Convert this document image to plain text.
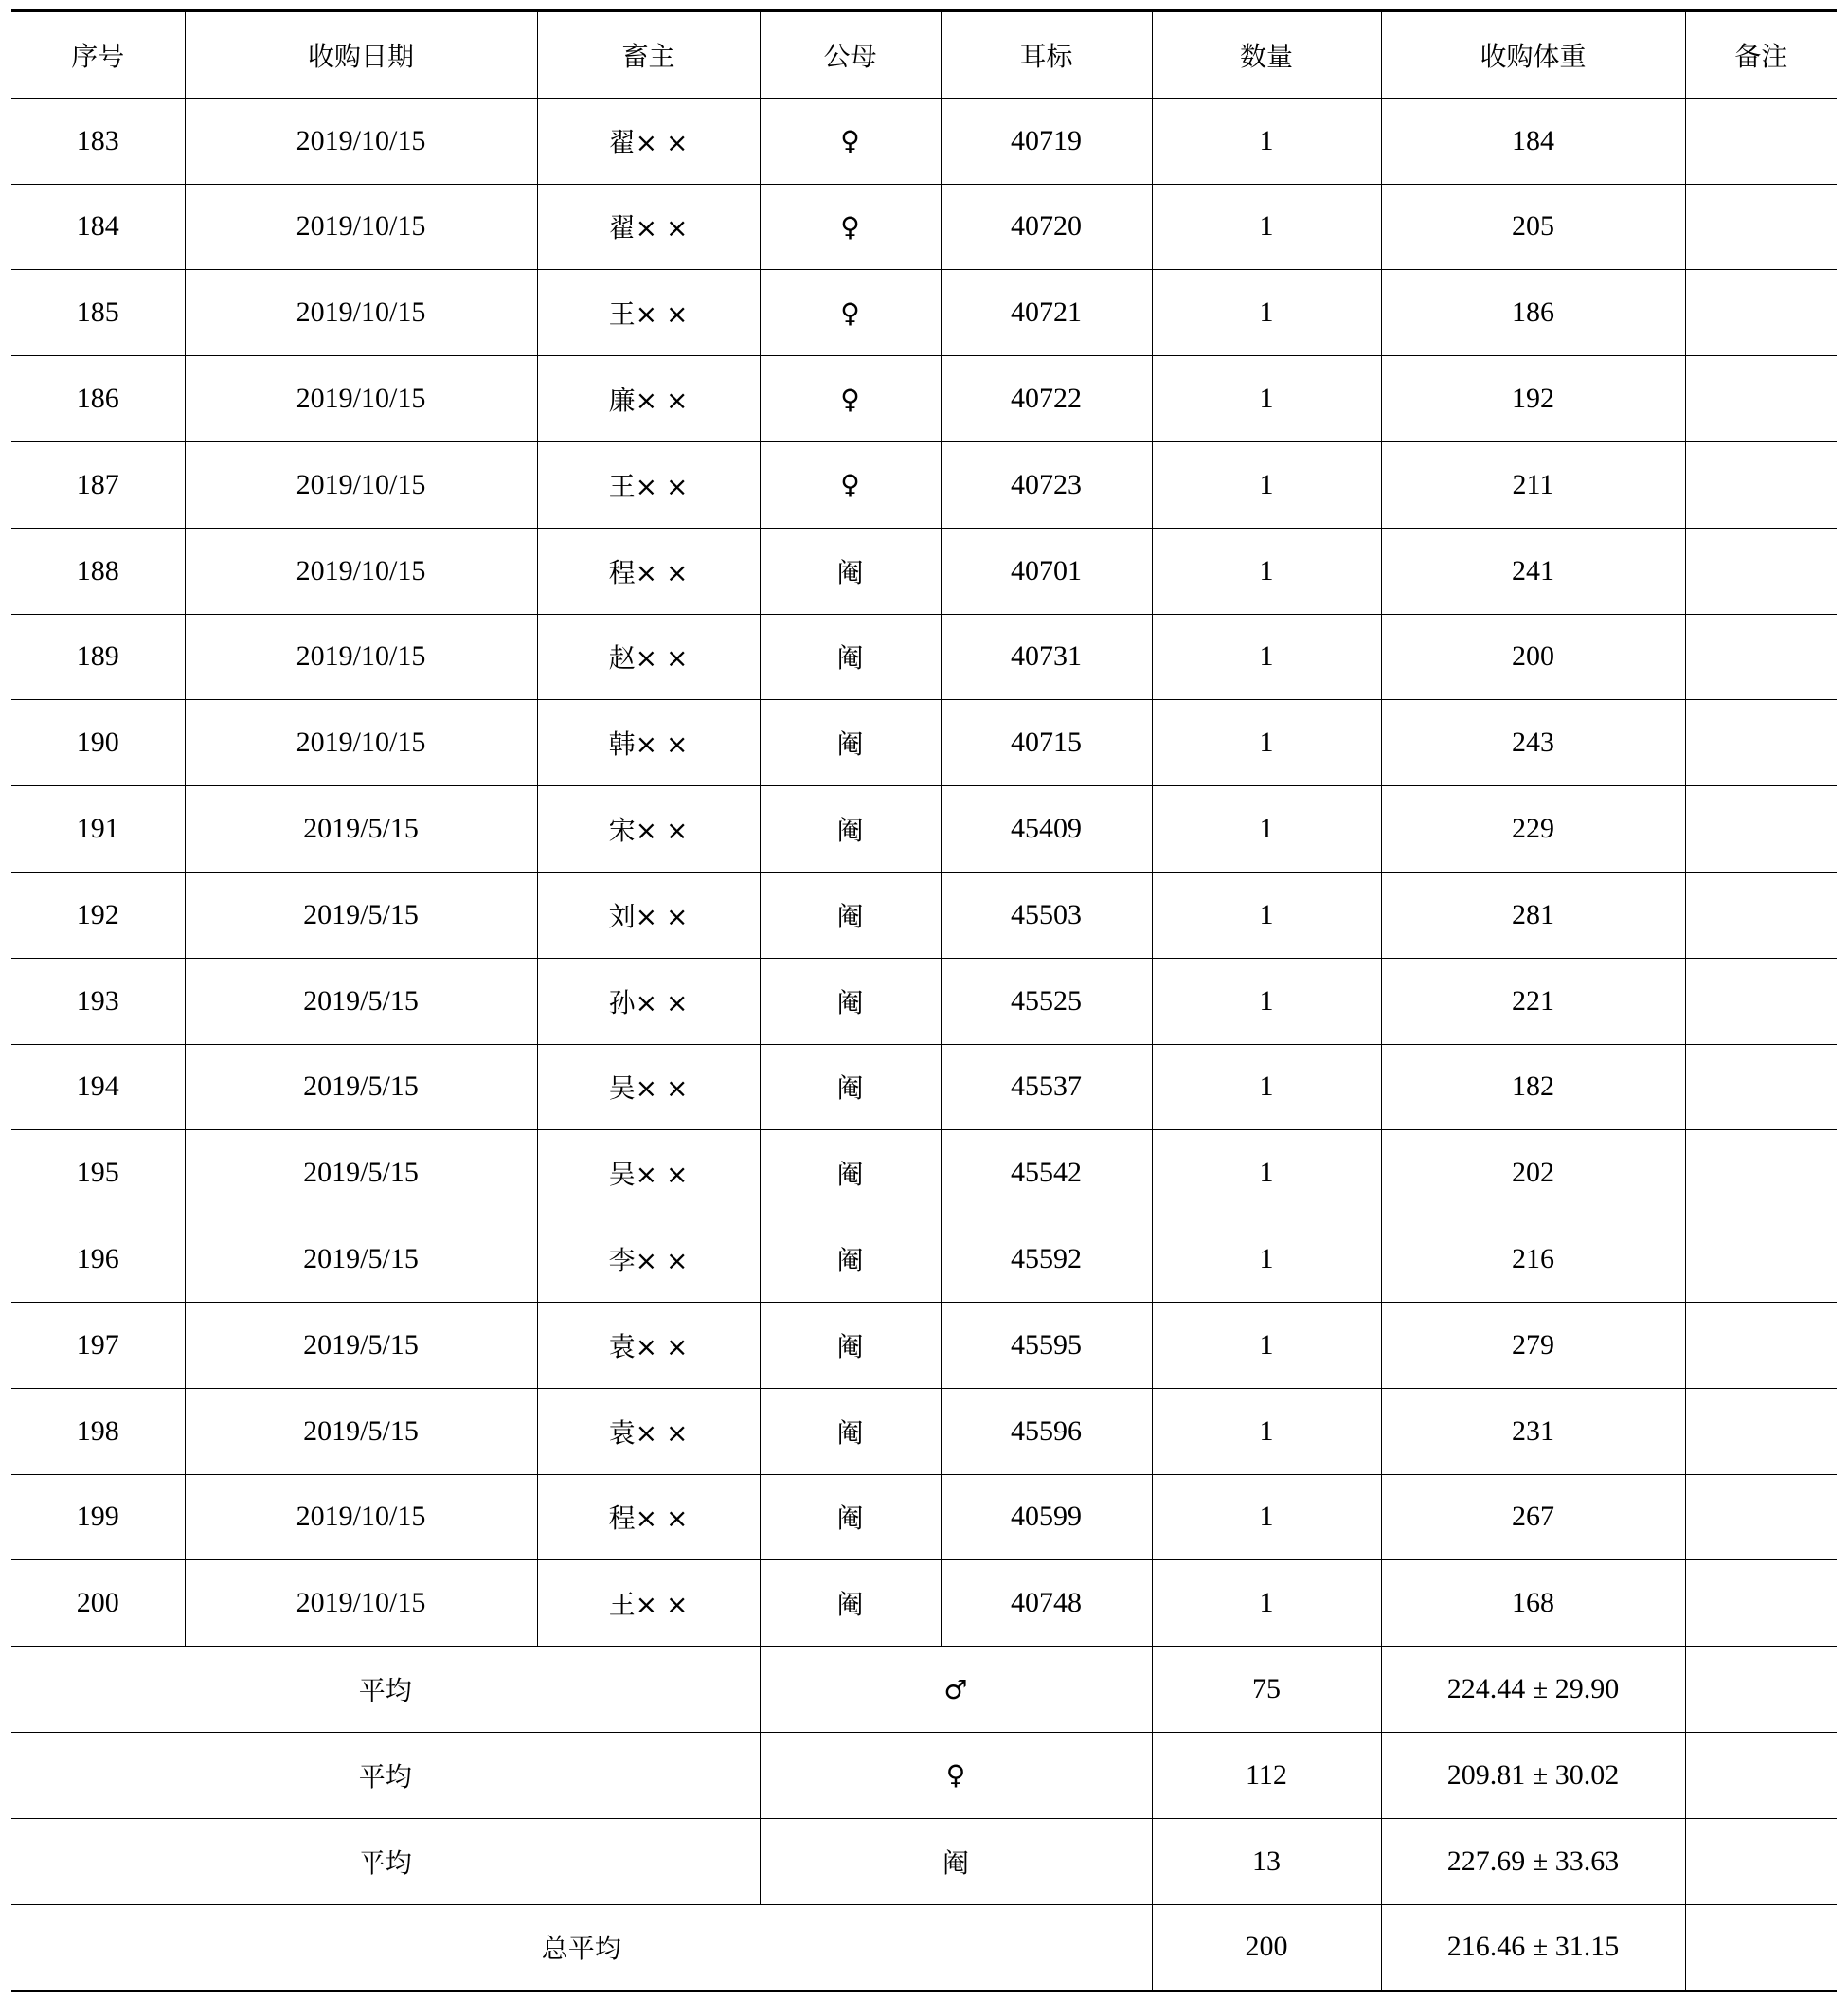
序号	收购日期	畜主	公母	耳标	数量	收购体重	备注
183	2019/10/15	翟× ×	♀	40719	1	184	
184	2019/10/15	翟× ×	♀	40720	1	205	
185	2019/10/15	王× ×	♀	40721	1	186	
186	2019/10/15	廉× ×	♀	40722	1	192	
187	2019/10/15	王× ×	♀	40723	1	211	
188	2019/10/15	程× ×	阉	40701	1	241	
189	2019/10/15	赵× ×	阉	40731	1	200	
190	2019/10/15	韩× ×	阉	40715	1	243	
191	2019/5/15	宋× ×	阉	45409	1	229	
192	2019/5/15	刘× ×	阉	45503	1	281	
193	2019/5/15	孙× ×	阉	45525	1	221	
194	2019/5/15	吴× ×	阉	45537	1	182	
195	2019/5/15	吴× ×	阉	45542	1	202	
196	2019/5/15	李× ×	阉	45592	1	216	
197	2019/5/15	袁× ×	阉	45595	1	279	
198	2019/5/15	袁× ×	阉	45596	1	231	
199	2019/10/15	程× ×	阉	40599	1	267	
200	2019/10/15	王× ×	阉	40748	1	168	
平均			♂		75	224.44 ± 29.90	
平均			♀		112	209.81 ± 30.02	
平均			阉		13	227.69 ± 33.63	
总平均					200	216.46 ± 31.15	
